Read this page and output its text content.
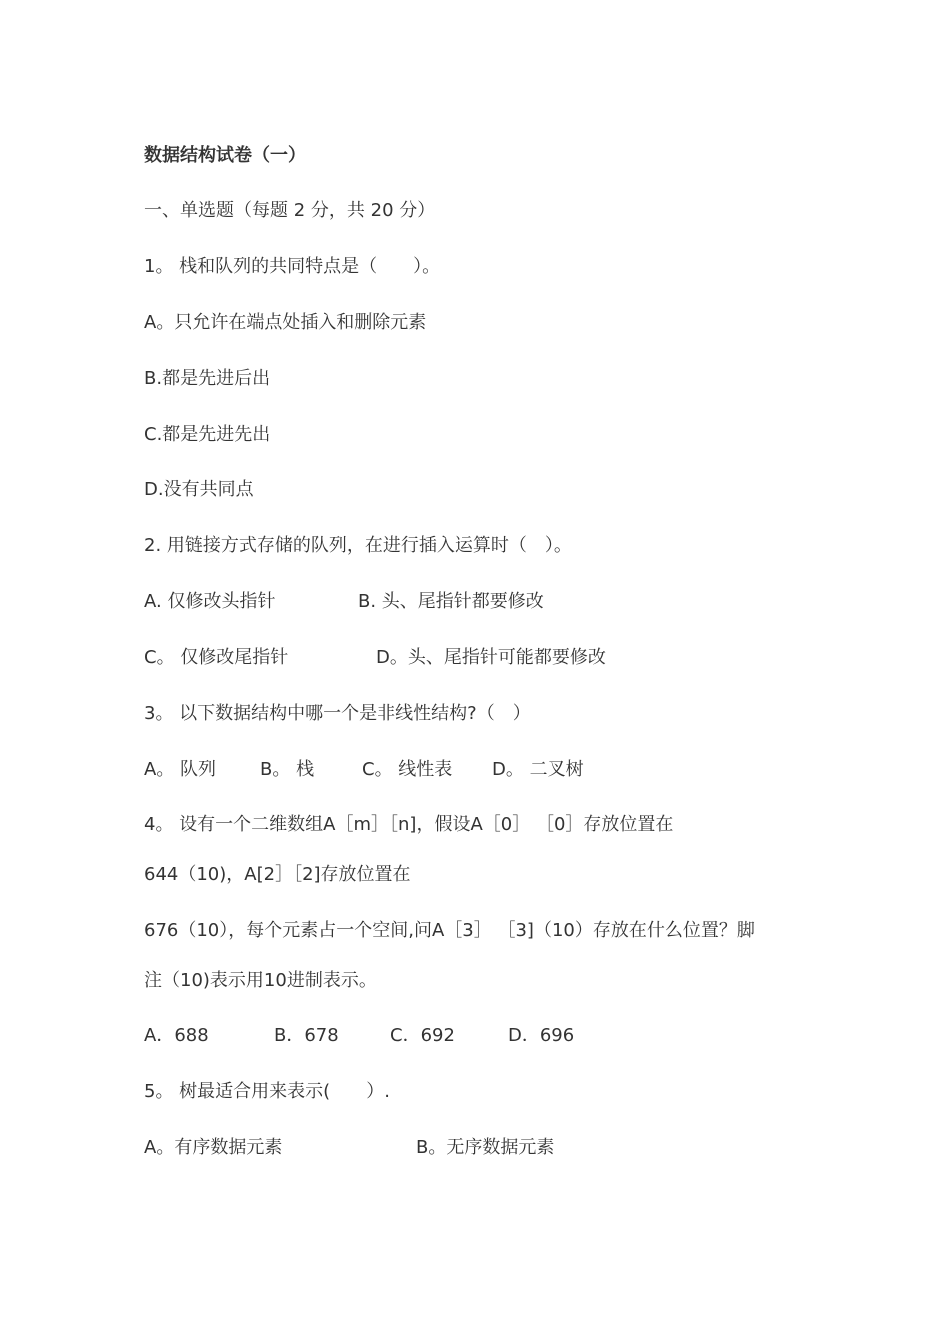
数据结构试卷（一）
一、单选题（每题 2 分，共 20 分）
1。 栈和队列的共同特点是（　　）。
A。只允许在端点处插入和删除元素
B.都是先进后出
C.都是先进先出
D.没有共同点
2. 用链接方式存储的队列，在进行插入运算时（　）。

A. 仅修改头指针

	B. 头、尾指针都要修改

C。 仅修改尾指针

	D。头、尾指针可能都要修改

3。 以下数据结构中哪一个是非线性结构?（　）

A。 队列

B。 栈

	C。 线性表

D。 二叉树

4。 设有一个二维数组A［m］［n]，假设A［0］ ［0］存放位置在
644（10)，A[2］［2]存放位置在
676（10），每个元素占一个空间,问A［3］ ［3]（10）存放在什么位置？脚
注（10)表示用10进制表示。

A．688

	B．678

	C．692

	D．696

5。 树最适合用来表示(　　）.

A。有序数据元素

	B。无序数据元素
